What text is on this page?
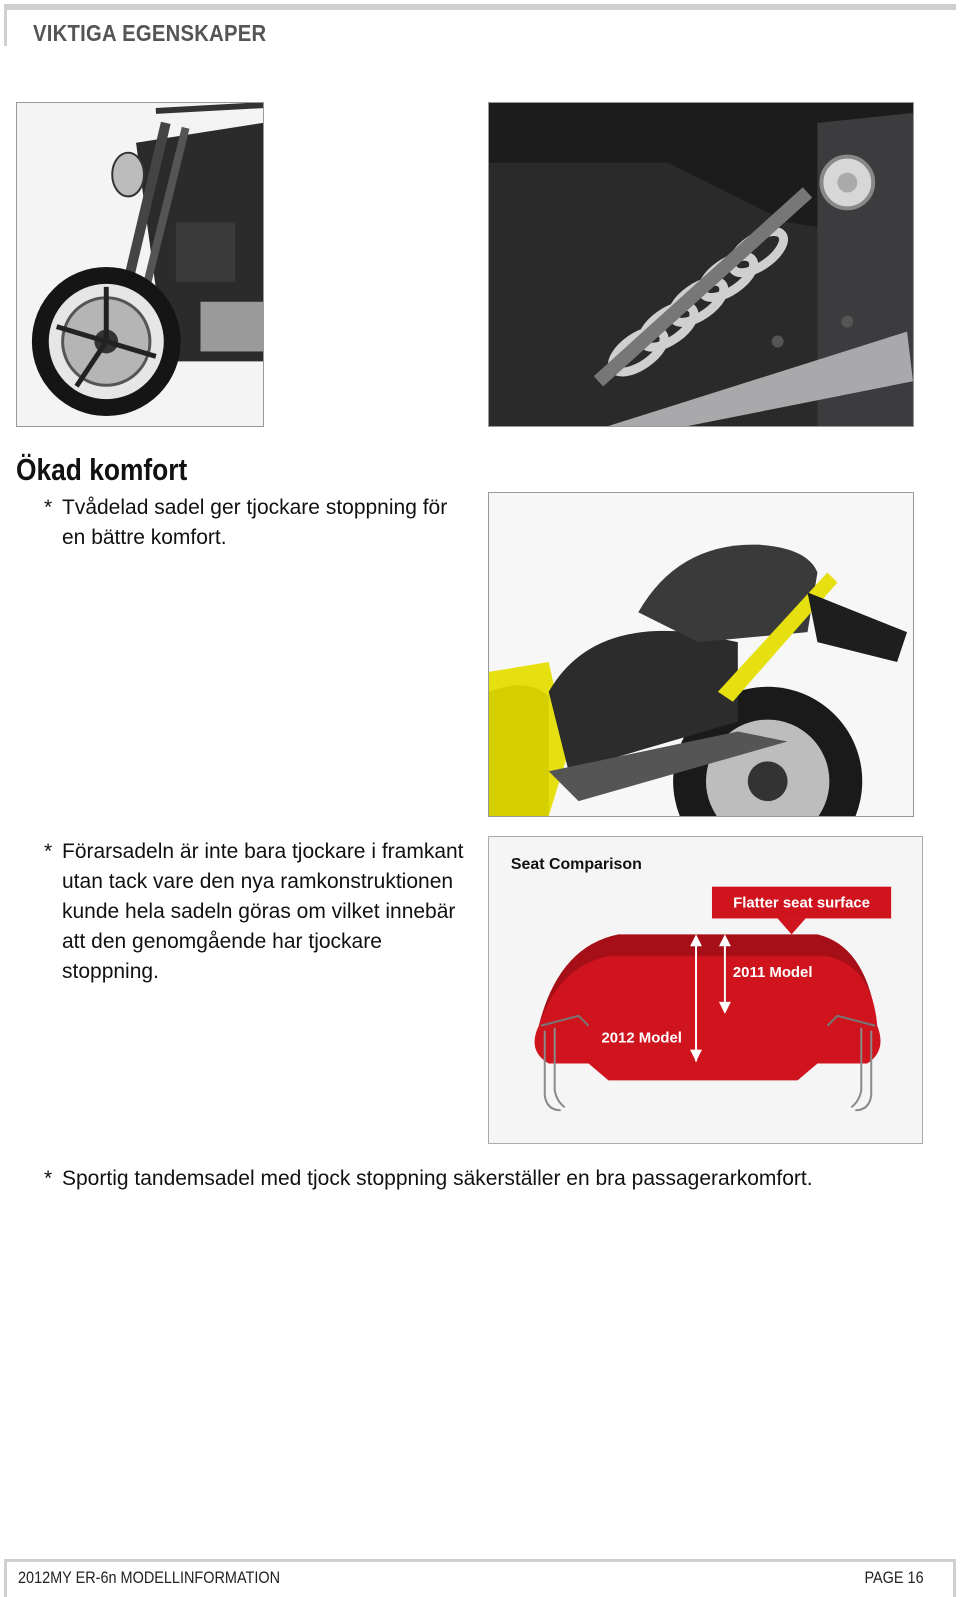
VIKTIGA EGENSKAPER
Ökad komfort
* Tvådelad sadel ger tjockare stoppning för en bättre komfort.
* Förarsadeln är inte bara tjockare i framkant utan tack vare den nya ramkonstruktionen kunde hela sadeln göras om vilket innebär att den genomgående har tjockare stoppning.
Seat Comparison
Flatter seat surface
2011 Model
2012 Model
* Sportig tandemsadel med tjock stoppning säkerställer en bra passagerarkomfort.
2012MY ER-6n MODELLINFORMATION	PAGE 16
